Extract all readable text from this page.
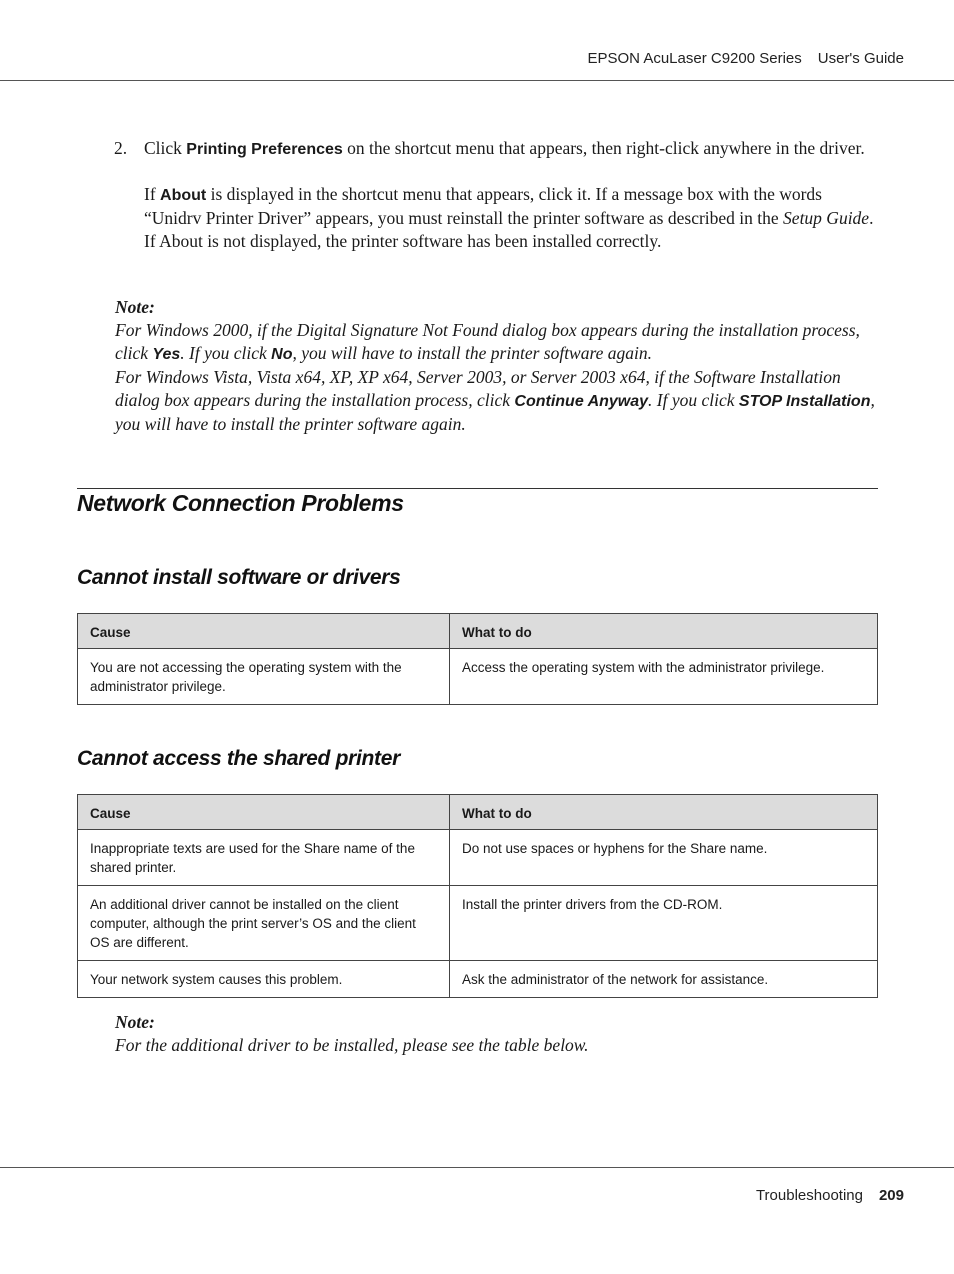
EPSON AcuLaser C9200 Series User's Guide
2. Click Printing Preferences on the shortcut menu that appears, then right-click anywhere in the driver.

If About is displayed in the shortcut menu that appears, click it. If a message box with the words “Unidrv Printer Driver” appears, you must reinstall the printer software as described in the Setup Guide. If About is not displayed, the printer software has been installed correctly.

Note:

For Windows 2000, if the Digital Signature Not Found dialog box appears during the installation process, click Yes. If you click No, you will have to install the printer software again.

For Windows Vista, Vista x64, XP, XP x64, Server 2003, or Server 2003 x64, if the Software Installation dialog box appears during the installation process, click Continue Anyway. If you click STOP Installation, you will have to install the printer software again.

Network Connection Problems
Cannot install software or drivers
Cause	What to do
You are not accessing the operating system with the administrator privilege.	Access the operating system with the administrator privilege.
Cannot access the shared printer
Cause	What to do
Inappropriate texts are used for the Share name of the shared printer.	Do not use spaces or hyphens for the Share name.
An additional driver cannot be installed on the client computer, although the print server’s OS and the client OS are different.	Install the printer drivers from the CD-ROM.
Your network system causes this problem.	Ask the administrator of the network for assistance.

Note:

For the additional driver to be installed, please see the table below.

Troubleshooting 209
